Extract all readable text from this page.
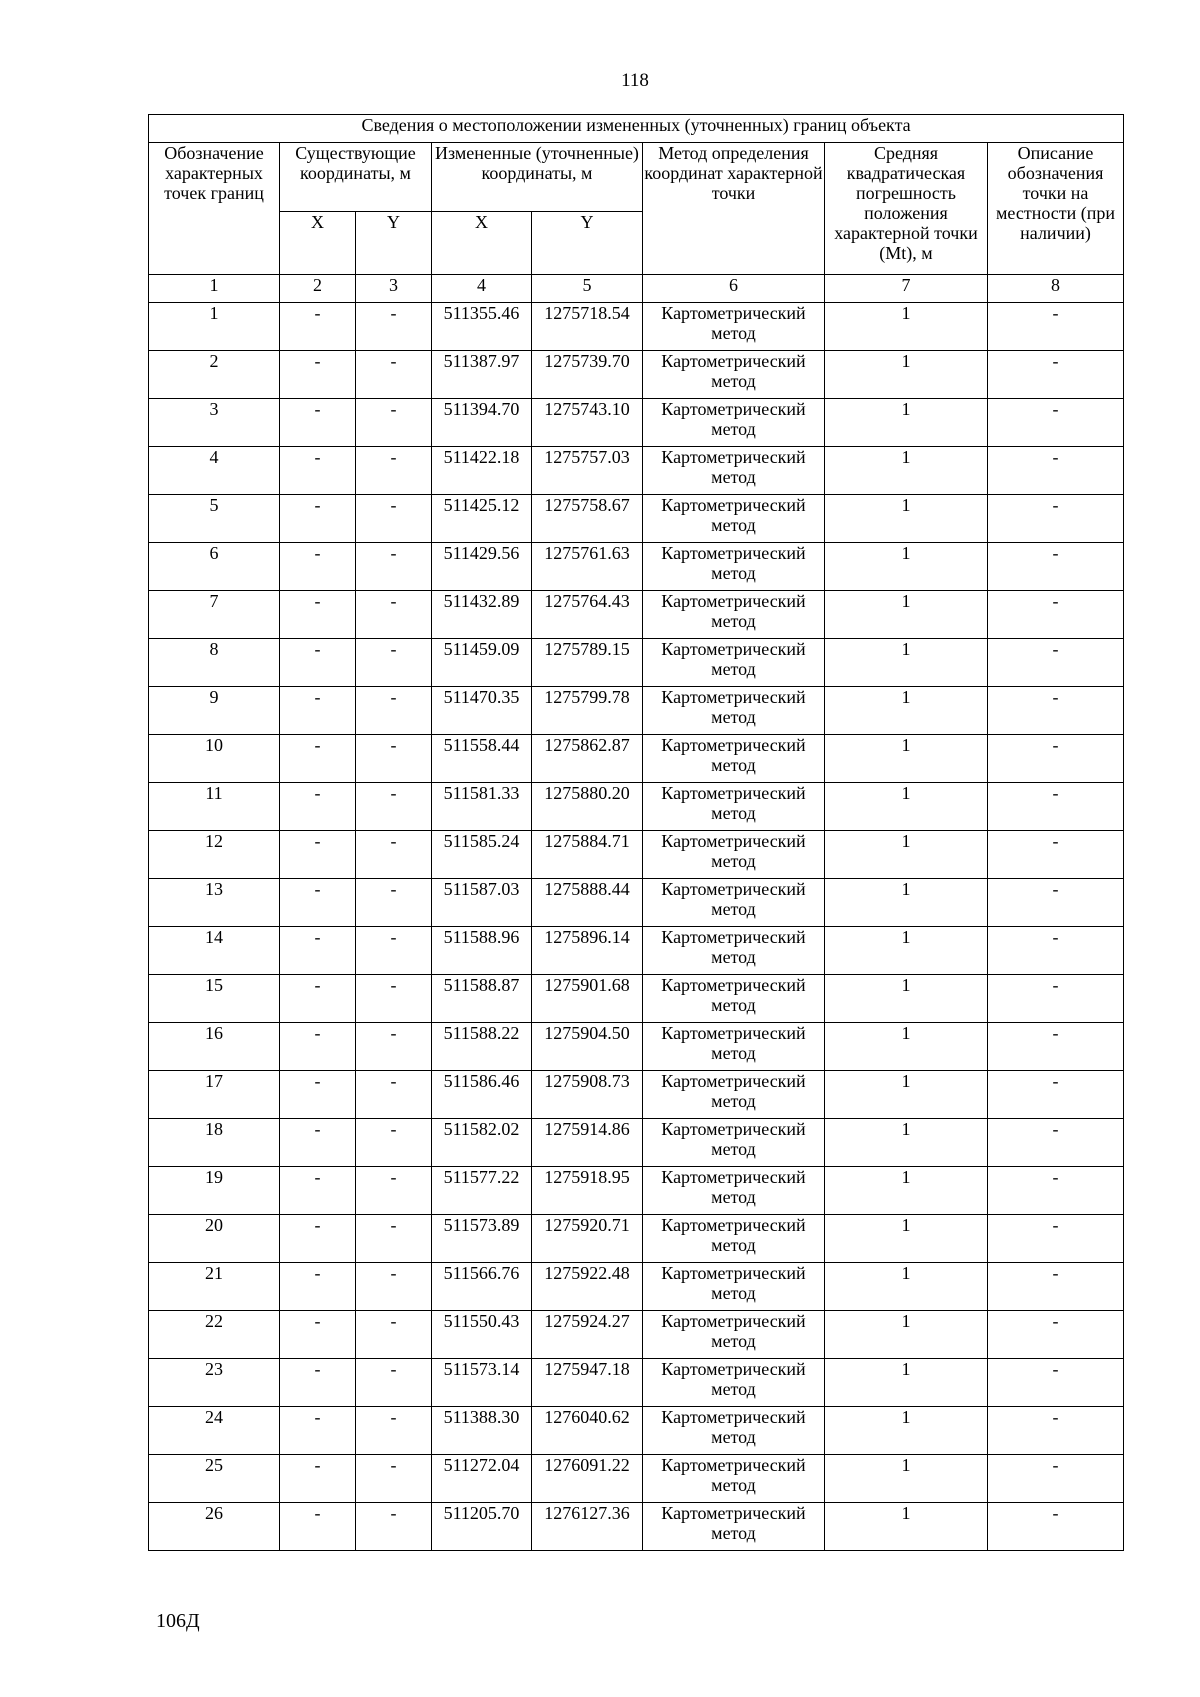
118
Сведения о местоположении измененных (уточненных) границ объекта							
Обозначение характерных точек границ	Существующие координаты, м		Измененные (уточненные) координаты, м		Метод определения координат характерной точки	Средняя квадратическая погрешность положения характерной точки (Mt), м	Описание обозначения точки на местности (при наличии)
	X	Y	X	Y			
1	2	3	4	5	6	7	8
1	-	-	511355.46	1275718.54	Картометрический метод	1	-
2	-	-	511387.97	1275739.70	Картометрический метод	1	-
3	-	-	511394.70	1275743.10	Картометрический метод	1	-
4	-	-	511422.18	1275757.03	Картометрический метод	1	-
5	-	-	511425.12	1275758.67	Картометрический метод	1	-
6	-	-	511429.56	1275761.63	Картометрический метод	1	-
7	-	-	511432.89	1275764.43	Картометрический метод	1	-
8	-	-	511459.09	1275789.15	Картометрический метод	1	-
9	-	-	511470.35	1275799.78	Картометрический метод	1	-
10	-	-	511558.44	1275862.87	Картометрический метод	1	-
11	-	-	511581.33	1275880.20	Картометрический метод	1	-
12	-	-	511585.24	1275884.71	Картометрический метод	1	-
13	-	-	511587.03	1275888.44	Картометрический метод	1	-
14	-	-	511588.96	1275896.14	Картометрический метод	1	-
15	-	-	511588.87	1275901.68	Картометрический метод	1	-
16	-	-	511588.22	1275904.50	Картометрический метод	1	-
17	-	-	511586.46	1275908.73	Картометрический метод	1	-
18	-	-	511582.02	1275914.86	Картометрический метод	1	-
19	-	-	511577.22	1275918.95	Картометрический метод	1	-
20	-	-	511573.89	1275920.71	Картометрический метод	1	-
21	-	-	511566.76	1275922.48	Картометрический метод	1	-
22	-	-	511550.43	1275924.27	Картометрический метод	1	-
23	-	-	511573.14	1275947.18	Картометрический метод	1	-
24	-	-	511388.30	1276040.62	Картометрический метод	1	-
25	-	-	511272.04	1276091.22	Картометрический метод	1	-
26	-	-	511205.70	1276127.36	Картометрический метод	1	-
106Д
